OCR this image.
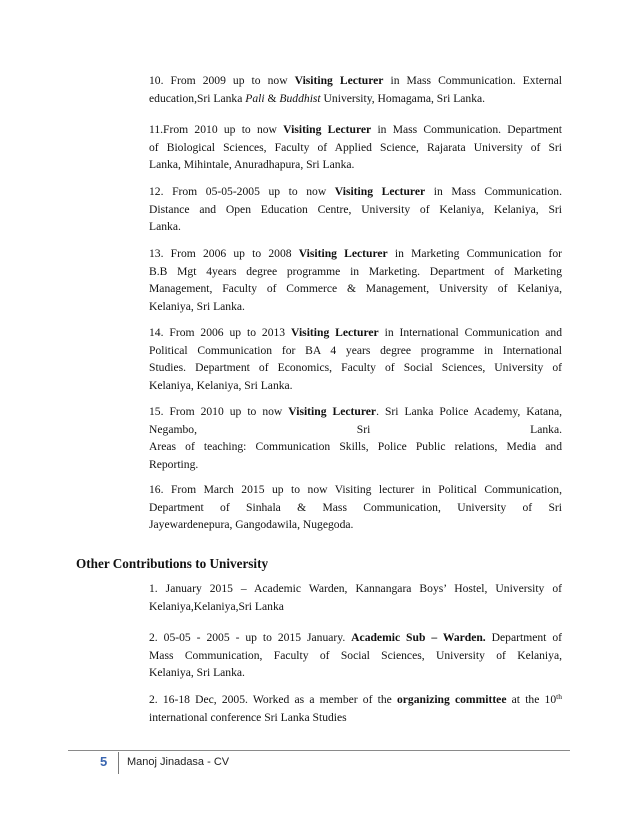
10. From 2009 up to now Visiting Lecturer in Mass Communication. External
education,Sri Lanka Pali & Buddhist University, Homagama, Sri Lanka.
11.From 2010 up to now Visiting Lecturer in Mass Communication. Department
of Biological Sciences, Faculty of Applied Science, Rajarata University of Sri
Lanka, Mihintale, Anuradhapura, Sri Lanka.
12. From 05-05-2005 up to now Visiting Lecturer in Mass Communication.
Distance and Open Education Centre, University of Kelaniya, Kelaniya, Sri
Lanka.
13. From 2006 up to 2008 Visiting Lecturer in Marketing Communication for
B.B Mgt 4years degree programme in Marketing. Department of Marketing
Management, Faculty of Commerce & Management, University of Kelaniya,
Kelaniya, Sri Lanka.
14. From 2006 up to 2013 Visiting Lecturer in International Communication and
Political Communication for BA 4 years degree programme in International
Studies. Department of Economics, Faculty of Social Sciences, University of
Kelaniya, Kelaniya, Sri Lanka.
15. From 2010 up to now Visiting Lecturer. Sri Lanka Police Academy, Katana,
Negambo, Sri Lanka.
Areas of teaching: Communication Skills, Police Public relations, Media and
Reporting.
16. From March 2015 up to now Visiting lecturer in Political Communication,
Department of Sinhala & Mass Communication, University of Sri
Jayewardenepura, Gangodawila, Nugegoda.
Other Contributions to University
1. January 2015 – Academic Warden, Kannangara Boys’ Hostel, University of
Kelaniya,Kelaniya,Sri Lanka
2. 05-05 - 2005 - up to 2015 January. Academic Sub – Warden. Department of
Mass Communication, Faculty of Social Sciences, University of Kelaniya,
Kelaniya, Sri Lanka.
2. 16-18 Dec, 2005. Worked as a member of the organizing committee at the 10th
international conference Sri Lanka Studies
5 Manoj Jinadasa - CV
